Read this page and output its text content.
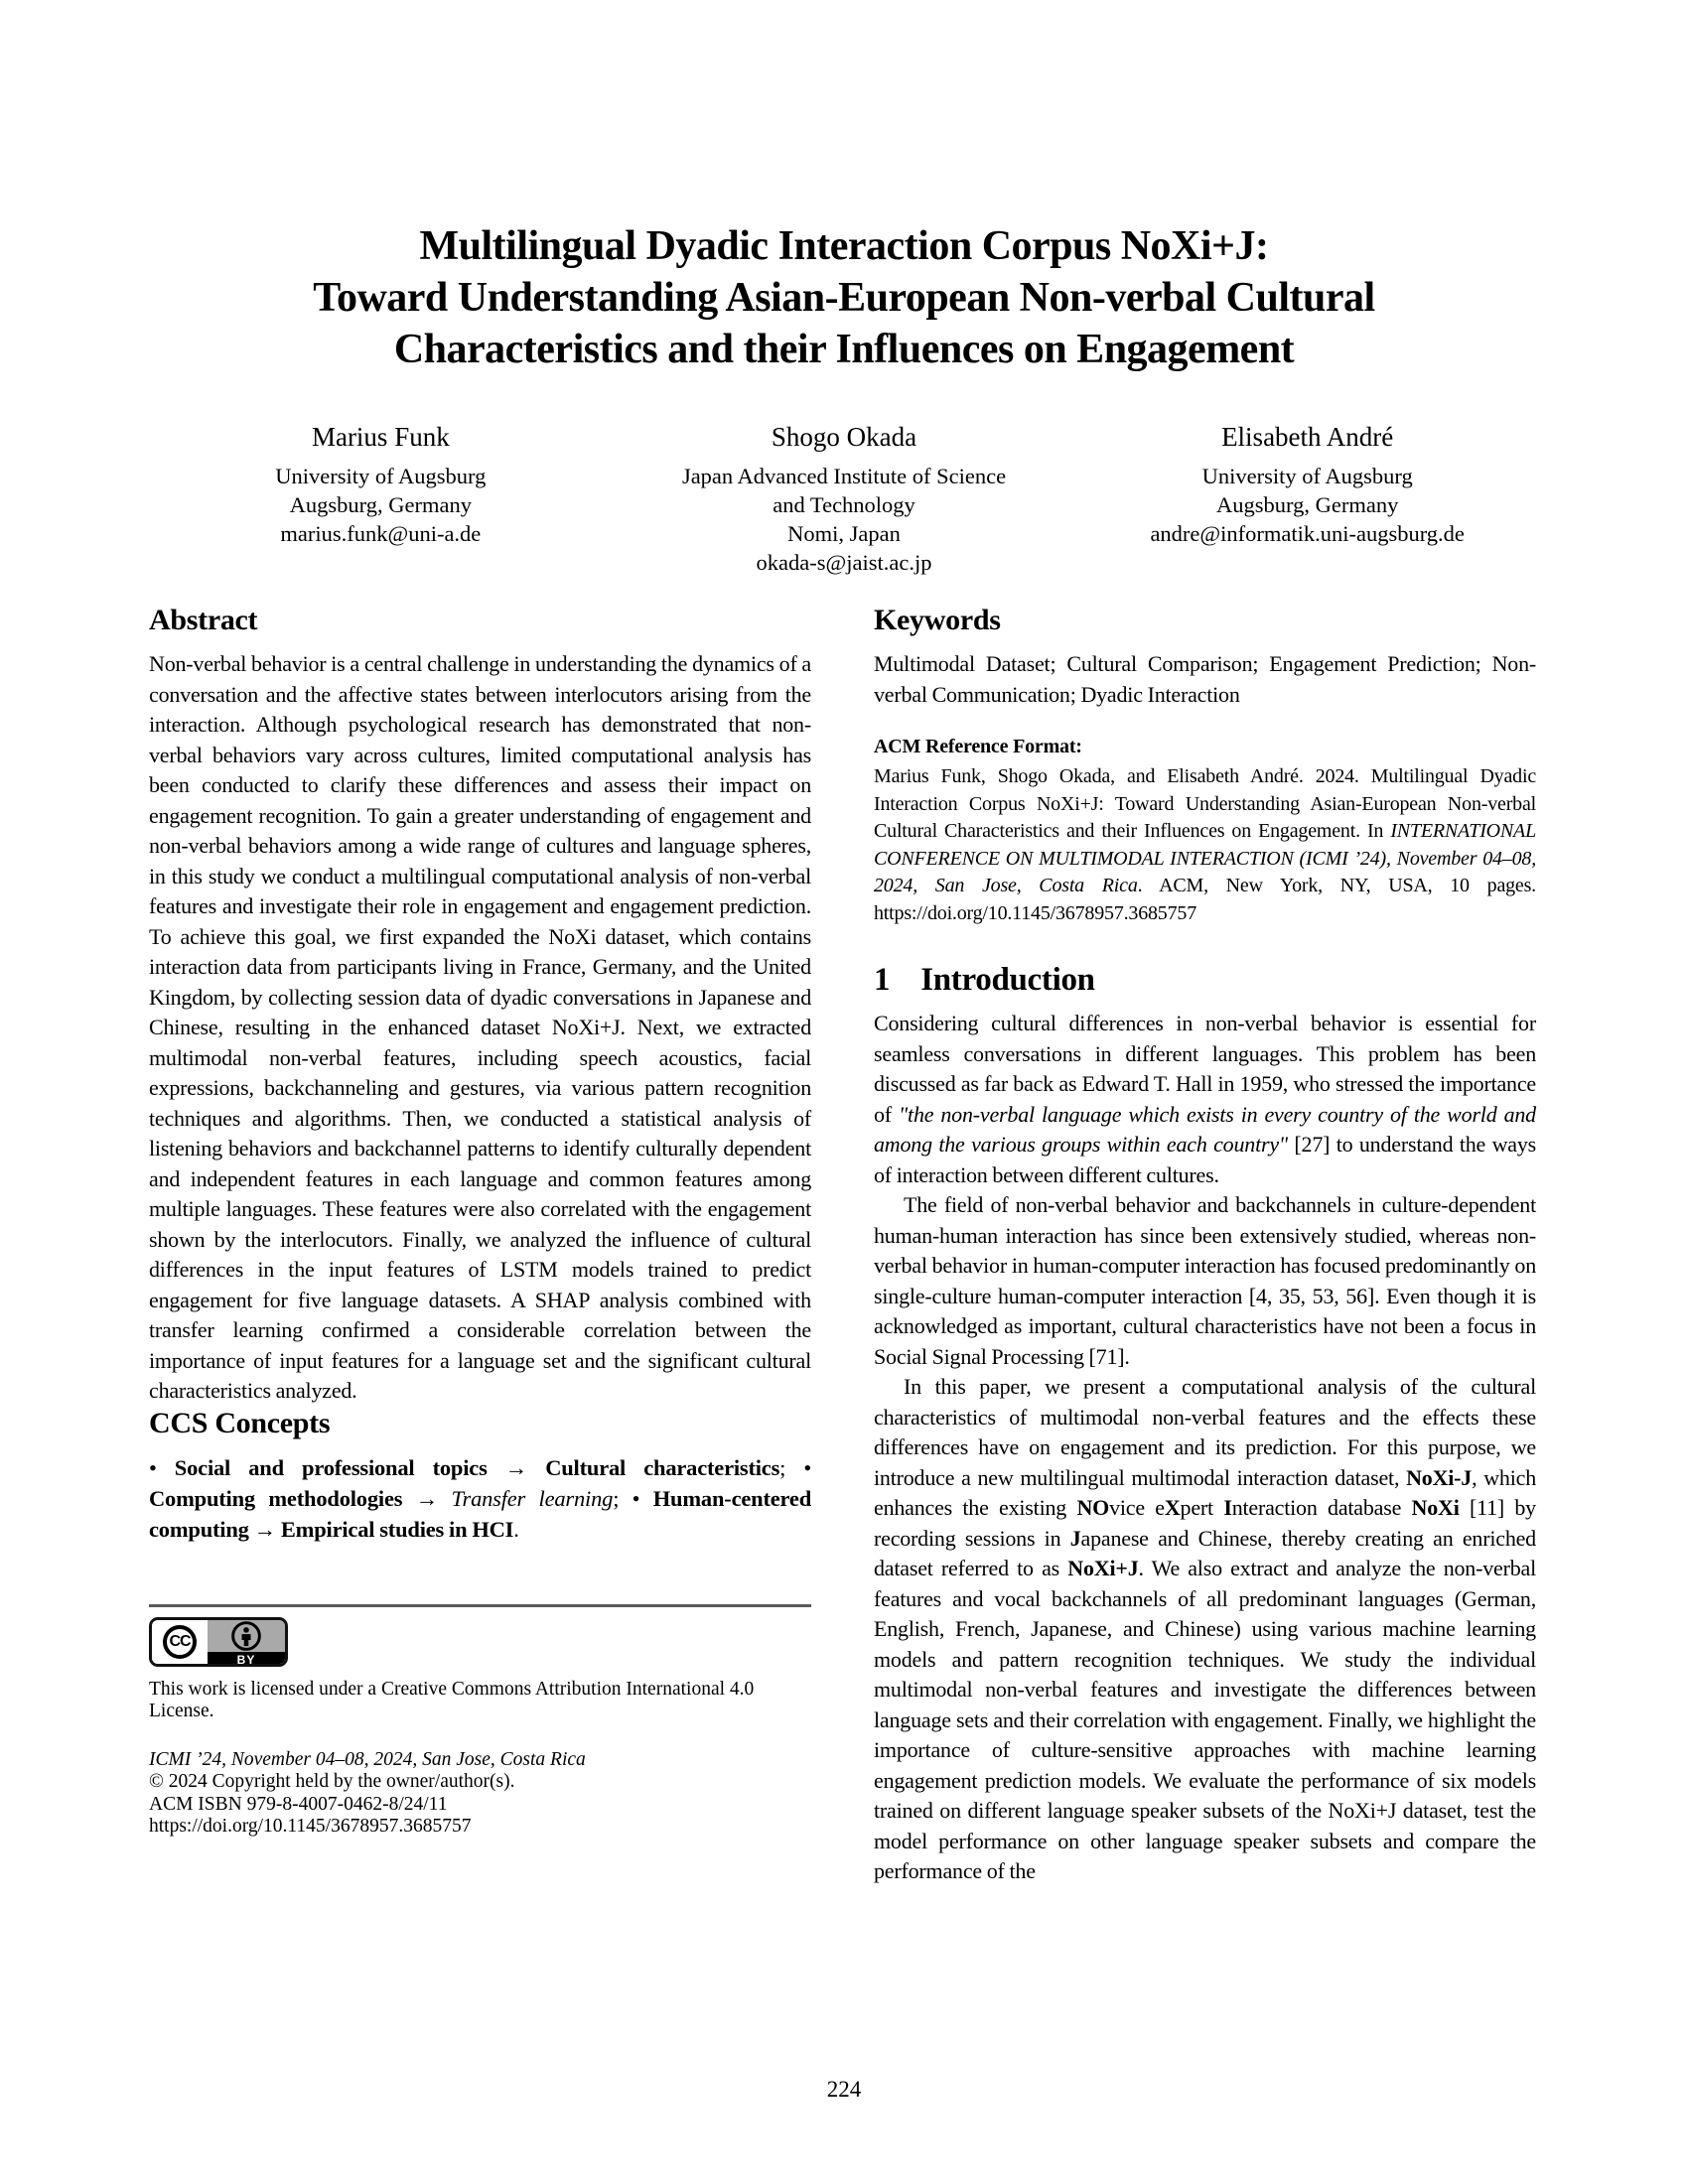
Multilingual Dyadic Interaction Corpus NoXi+J:
Toward Understanding Asian-European Non-verbal Cultural
Characteristics and their Influences on Engagement
Marius Funk
University of Augsburg
Augsburg, Germany
marius.funk@uni-a.de
Shogo Okada
Japan Advanced Institute of Science
and Technology
Nomi, Japan
okada-s@jaist.ac.jp
Elisabeth André
University of Augsburg
Augsburg, Germany
andre@informatik.uni-augsburg.de
Abstract

Non-verbal behavior is a central challenge in understanding the dynamics of a conversation and the affective states between interlocutors arising from the interaction. Although psychological research has demonstrated that non-verbal behaviors vary across cultures, limited computational analysis has been conducted to clarify these differences and assess their impact on engagement recognition. To gain a greater understanding of engagement and non-verbal behaviors among a wide range of cultures and language spheres, in this study we conduct a multilingual computational analysis of non-verbal features and investigate their role in engagement and engagement prediction. To achieve this goal, we first expanded the NoXi dataset, which contains interaction data from participants living in France, Germany, and the United Kingdom, by collecting session data of dyadic conversations in Japanese and Chinese, resulting in the enhanced dataset NoXi+J. Next, we extracted multimodal non-verbal features, including speech acoustics, facial expressions, backchanneling and gestures, via various pattern recognition techniques and algorithms. Then, we conducted a statistical analysis of listening behaviors and backchannel patterns to identify culturally dependent and independent features in each language and common features among multiple languages. These features were also correlated with the engagement shown by the interlocutors. Finally, we analyzed the influence of cultural differences in the input features of LSTM models trained to predict engagement for five language datasets. A SHAP analysis combined with transfer learning confirmed a considerable correlation between the importance of input features for a language set and the significant cultural characteristics analyzed.

CCS Concepts

• Social and professional topics → Cultural characteristics; • Computing methodologies → Transfer learning; • Human-centered computing → Empirical studies in HCI.

CC
BY
This work is licensed under a Creative Commons Attribution International 4.0 License.
ICMI ’24, November 04–08, 2024, San Jose, Costa Rica
© 2024 Copyright held by the owner/author(s).
ACM ISBN 979-8-4007-0462-8/24/11
https://doi.org/10.1145/3678957.3685757
Keywords

Multimodal Dataset; Cultural Comparison; Engagement Prediction; Non-verbal Communication; Dyadic Interaction

ACM Reference Format:

Marius Funk, Shogo Okada, and Elisabeth André. 2024. Multilingual Dyadic Interaction Corpus NoXi+J: Toward Understanding Asian-European Non-verbal Cultural Characteristics and their Influences on Engagement. In INTERNATIONAL CONFERENCE ON MULTIMODAL INTERACTION (ICMI ’24), November 04–08, 2024, San Jose, Costa Rica. ACM, New York, NY, USA, 10 pages. https://doi.org/10.1145/3678957.3685757

1 Introduction

Considering cultural differences in non-verbal behavior is essential for seamless conversations in different languages. This problem has been discussed as far back as Edward T. Hall in 1959, who stressed the importance of "the non-verbal language which exists in every country of the world and among the various groups within each country" [27] to understand the ways of interaction between different cultures.

The field of non-verbal behavior and backchannels in culture-dependent human-human interaction has since been extensively studied, whereas non-verbal behavior in human-computer interaction has focused predominantly on single-culture human-computer interaction [4, 35, 53, 56]. Even though it is acknowledged as important, cultural characteristics have not been a focus in Social Signal Processing [71].

In this paper, we present a computational analysis of the cultural characteristics of multimodal non-verbal features and the effects these differences have on engagement and its prediction. For this purpose, we introduce a new multilingual multimodal interaction dataset, NoXi-J, which enhances the existing NOvice eXpert Interaction database NoXi [11] by recording sessions in Japanese and Chinese, thereby creating an enriched dataset referred to as NoXi+J. We also extract and analyze the non-verbal features and vocal backchannels of all predominant languages (German, English, French, Japanese, and Chinese) using various machine learning models and pattern recognition techniques. We study the individual multimodal non-verbal features and investigate the differences between language sets and their correlation with engagement. Finally, we highlight the importance of culture-sensitive approaches with machine learning engagement prediction models. We evaluate the performance of six models trained on different language speaker subsets of the NoXi+J dataset, test the model performance on other language speaker subsets and compare the performance of the

224
